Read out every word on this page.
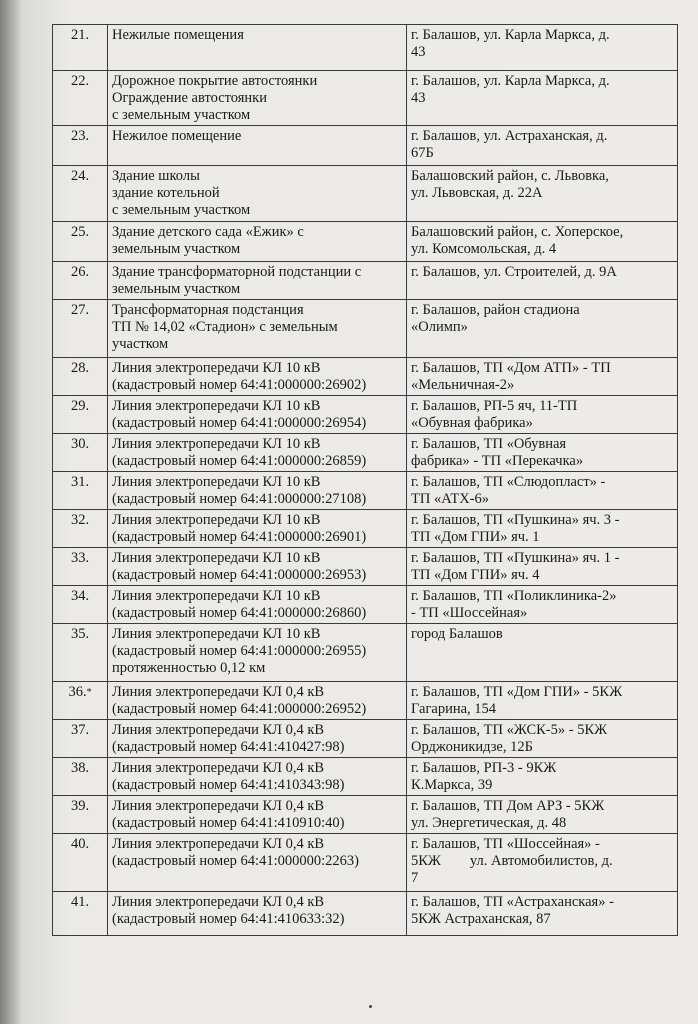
21.	Нежилые помещения	г. Балашов, ул. Карла Маркса, д.
43

22.	Дорожное покрытие автостоянки
Ограждение автостоянки
с земельным участком	г. Балашов, ул. Карла Маркса, д.
43

23.	Нежилое помещение	г. Балашов, ул. Астраханская, д.
67Б

24.	Здание школы
здание котельной
с земельным участком	Балашовский район, с. Львовка,
ул. Львовская, д. 22А

25.	Здание детского сада «Ежик» с
земельным участком	Балашовский район, с. Хоперское,
ул. Комсомольская, д. 4

26.	Здание трансформаторной подстанции с
земельным участком	г. Балашов, ул. Строителей, д. 9А

27.	Трансформаторная подстанция
ТП № 14,02 «Стадион» с земельным
участком	г. Балашов, район стадиона
«Олимп»

28.	Линия электропередачи КЛ 10 кВ
(кадастровый номер 64:41:000000:26902)	г. Балашов, ТП «Дом АТП» - ТП
«Мельничная-2»

29.	Линия электропередачи КЛ 10 кВ
(кадастровый номер 64:41:000000:26954)	г. Балашов, РП-5 яч, 11-ТП
«Обувная фабрика»

30.	Линия электропередачи КЛ 10 кВ
(кадастровый номер 64:41:000000:26859)	г. Балашов, ТП «Обувная
фабрика» - ТП «Перекачка»

31.	Линия электропередачи КЛ 10 кВ
(кадастровый номер 64:41:000000:27108)	г. Балашов, ТП «Слюдопласт» -
ТП «АТХ-6»

32.	Линия электропередачи КЛ 10 кВ
(кадастровый номер 64:41:000000:26901)	г. Балашов, ТП «Пушкина» яч. 3 -
ТП «Дом ГПИ» яч. 1

33.	Линия электропередачи КЛ 10 кВ
(кадастровый номер 64:41:000000:26953)	г. Балашов, ТП «Пушкина» яч. 1 -
ТП «Дом ГПИ» яч. 4

34.	Линия электропередачи КЛ 10 кВ
(кадастровый номер 64:41:000000:26860)	г. Балашов, ТП «Поликлиника-2»
- ТП «Шоссейная»

35.	Линия электропередачи КЛ 10 кВ
(кадастровый номер 64:41:000000:26955)
протяженностью 0,12 км	город Балашов

36.*	Линия электропередачи КЛ 0,4 кВ
(кадастровый номер 64:41:000000:26952)	г. Балашов, ТП «Дом ГПИ» - 5КЖ
Гагарина, 154

37.	Линия электропередачи КЛ 0,4 кВ
(кадастровый номер 64:41:410427:98)	г. Балашов, ТП «ЖСК-5» - 5КЖ
Орджоникидзе, 12Б

38.	Линия электропередачи КЛ 0,4 кВ
(кадастровый номер 64:41:410343:98)	г. Балашов, РП-3 - 9КЖ
К.Маркса, 39

39.	Линия электропередачи КЛ 0,4 кВ
(кадастровый номер 64:41:410910:40)	г. Балашов, ТП Дом АРЗ - 5КЖ
ул. Энергетическая, д. 48

40.	Линия электропередачи КЛ 0,4 кВ
(кадастровый номер 64:41:000000:2263)	г. Балашов, ТП «Шоссейная» -
5КЖ        ул. Автомобилистов, д.
7

41.	Линия электропередачи КЛ 0,4 кВ
(кадастровый номер 64:41:410633:32)	г. Балашов, ТП «Астраханская» -
5КЖ Астраханская, 87
